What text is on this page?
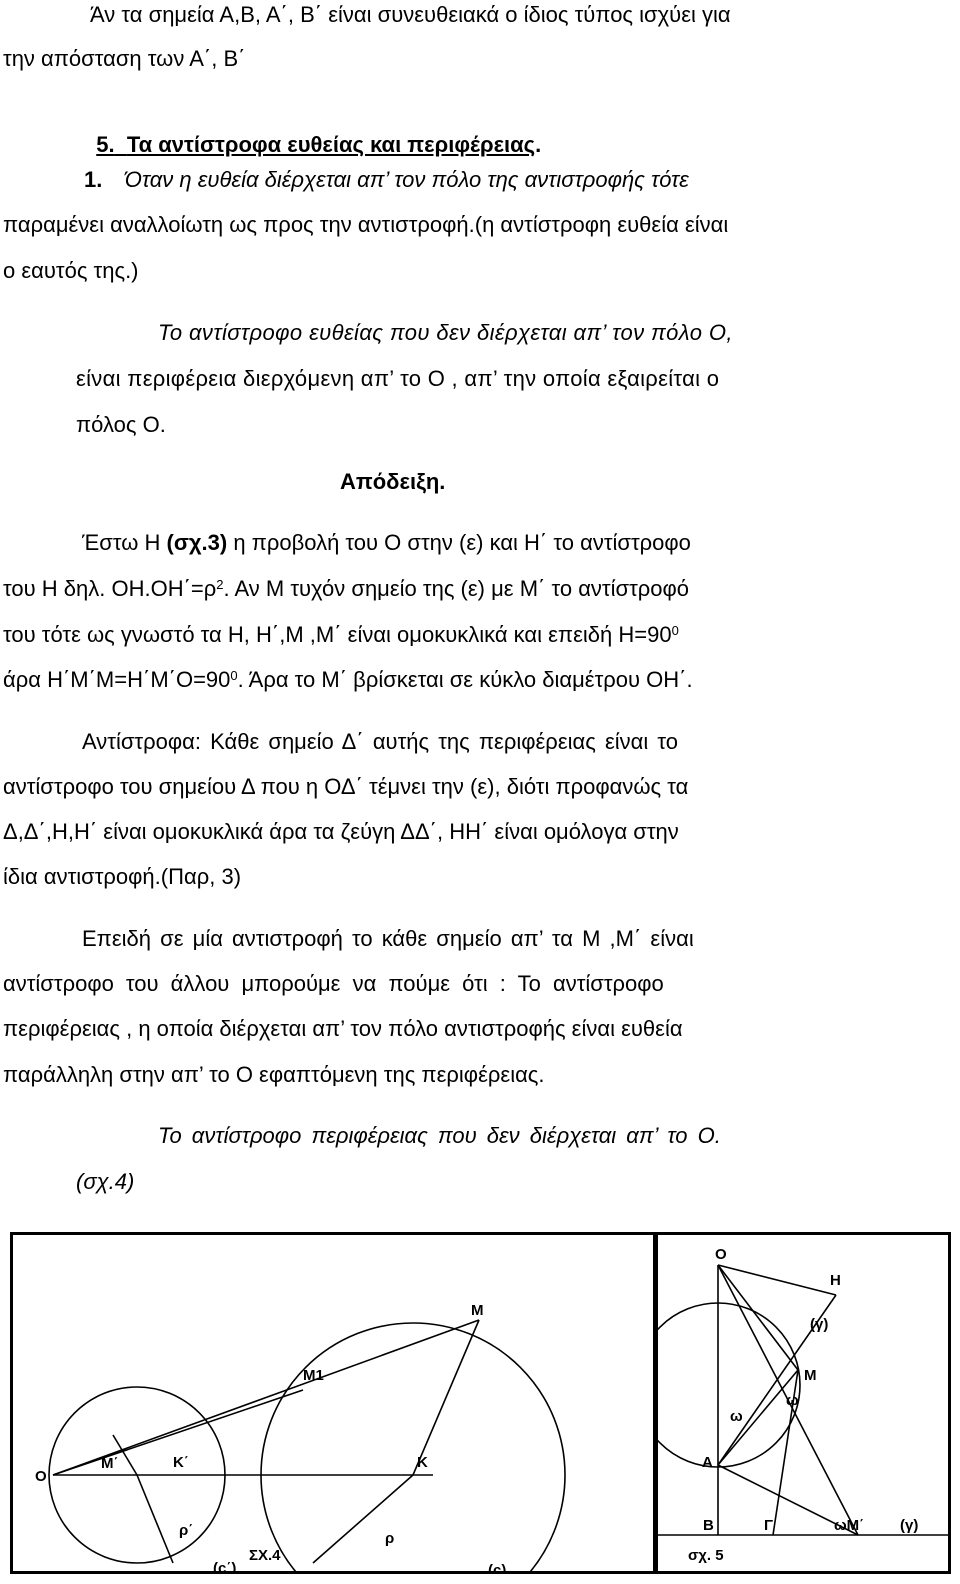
Άν τα σημεία Α,Β, Α΄, Β΄ είναι συνευθειακά ο ίδιος τύπος ισχύει για
την απόσταση των Α΄, Β΄

5. Τα αντίστροφα ευθείας και περιφέρειας.

1. Όταν η ευθεία διέρχεται απ’ τον πόλο της αντιστροφής τότε
παραμένει αναλλοίωτη ως προς την αντιστροφή.(η αντίστροφη ευθεία είναι
ο εαυτός της.)
Το αντίστροφο ευθείας που δεν διέρχεται απ’ τον πόλο Ο,
είναι περιφέρεια διερχόμενη απ’ το Ο , απ’ την οποία εξαιρείται ο
πόλος Ο.
Απόδειξη.
Έστω Η (σχ.3) η προβολή του Ο στην (ε) και Η΄ το αντίστροφο
του Η δηλ. $OH.OH΄=\rho^2$. Αν Μ τυχόν σημείο της (ε) με Μ΄ το αντίστροφό
του τότε ως γνωστό τα Η, Η΄,Μ ,Μ΄ είναι ομοκυκλικά και επειδή $H=90^0$
άρα $H΄M΄M=H΄M΄O=90^0$. Άρα το Μ΄ βρίσκεται σε κύκλο διαμέτρου ΟΗ΄.
Αντίστροφα: Κάθε σημείο Δ΄ αυτής της περιφέρειας είναι το
αντίστροφο του σημείου Δ που η ΟΔ΄ τέμνει την (ε), διότι προφανώς τα
Δ,Δ΄,Η,Η΄ είναι ομοκυκλικά άρα τα ζεύγη ΔΔ΄, ΗΗ΄ είναι ομόλογα στην
ίδια αντιστροφή.(Παρ, 3)
Επειδή σε μία αντιστροφή το κάθε σημείο απ’ τα Μ ,Μ΄ είναι
αντίστροφο του άλλου μπορούμε να πούμε ότι : Το αντίστροφο
περιφέρειας , η οποία διέρχεται απ’ τον πόλο αντιστροφής είναι ευθεία
παράλληλη στην απ’ το Ο εφαπτόμενη της περιφέρειας.
Το αντίστροφο περιφέρειας που δεν διέρχεται απ’ το Ο.
(σχ.4)
O
M΄
M1
M
K΄	K
ρ΄	ρ
(c΄)	(c)
ΣΧ.4
O
H
(γ)
M
ω
ω
A
B	Γ	ωΜ΄ (γ)
σχ. 5
